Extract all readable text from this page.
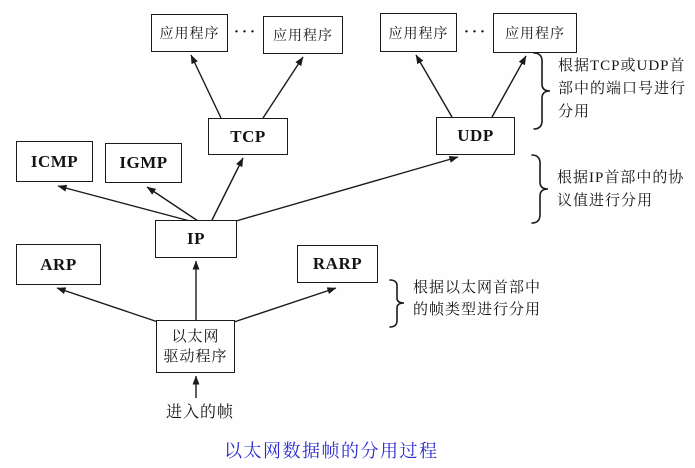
应用程序 ··· 应用程序	应用程序 ··· 应用程序
TCP	UDP
ICMP IGMP
IP
ARP	RARP
以太网
驱动程序
根据TCP或UDP首
部中的端口号进行
分用
根据IP首部中的协
议值进行分用
根据以太网首部中
的帧类型进行分用
进入的帧
以太网数据帧的分用过程
